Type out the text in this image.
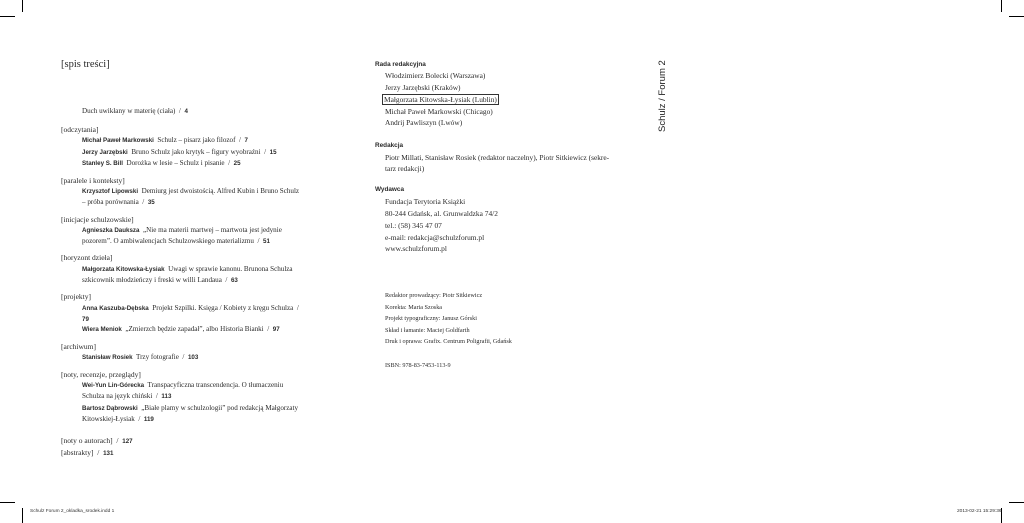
[spis treści]
Duch uwikłany w materię (ciała) / 4
[odczytania]
Michał Paweł Markowski Schulz – pisarz jako filozof / 7
Jerzy Jarzębski Bruno Schulz jako krytyk – figury wyobraźni / 15
Stanley S. Bill Dorożka w lesie – Schulz i pisanie / 25
[paralele i konteksty]
Krzysztof Lipowski Demiurg jest dwoistością. Alfred Kubin i Bruno Schulz – próba porównania / 35
[inicjacje schulzowskie]
Agnieszka Dauksza „Nie ma materii martwej – martwota jest jedynie pozorem”. O ambiwalencjach Schulzowskiego materializmu / 51
[horyzont dzieła]
Małgorzata Kitowska-Łysiak Uwagi w sprawie kanonu. Brunona Schulza szkicownik młodzieńczy i freski w willi Landaua / 63
[projekty]
Anna Kaszuba-Dębska Projekt Szpilki. Księga / Kobiety z kręgu Schulza /  79
Wiera Meniok „Zmierzch będzie zapadał”, albo Historia Bianki / 97
[archiwum]
Stanisław Rosiek Trzy fotografie / 103
[noty, recenzje, przeglądy]
Wei-Yun Lin-Górecka Transpacyficzna transcendencja. O tłumaczeniu Schulza na język chiński / 113
Bartosz Dąbrowski „Białe plamy w schulzologii” pod redakcją Małgorzaty Kitowskiej-Łysiak / 119
[noty o autorach] / 127
[abstrakty] / 131
Rada redakcyjna
Włodzimierz Bolecki (Warszawa)
Jerzy Jarzębski (Kraków)
Małgorzata Kitowska-Łysiak (Lublin)
Michał Paweł Markowski (Chicago)
Andrij Pawliszyn (Lwów)
Redakcja
Piotr Millati, Stanisław Rosiek (redaktor naczelny), Piotr Sitkiewicz (sekre-
tarz redakcji)
Wydawca
Fundacja Terytoria Książki
80-244 Gdańsk, al. Grunwaldzka 74/2
tel.: (58) 345 47 07
e-mail: redakcja@schulzforum.pl
www.schulzforum.pl
Redaktor prowadzący: Piotr Sitkiewicz
Korekta: Maria Szoska
Projekt typograficzny: Janusz Górski
Skład i łamanie: Maciej Goldfarth
Druk i oprawa: Grafix. Centrum Poligrafii, Gdańsk
ISBN: 978-83-7453-113-9
Schulz / Forum 2
Schulz Forum 2_okladka_srodek.indd 1	2013-02-21 15:29:36
